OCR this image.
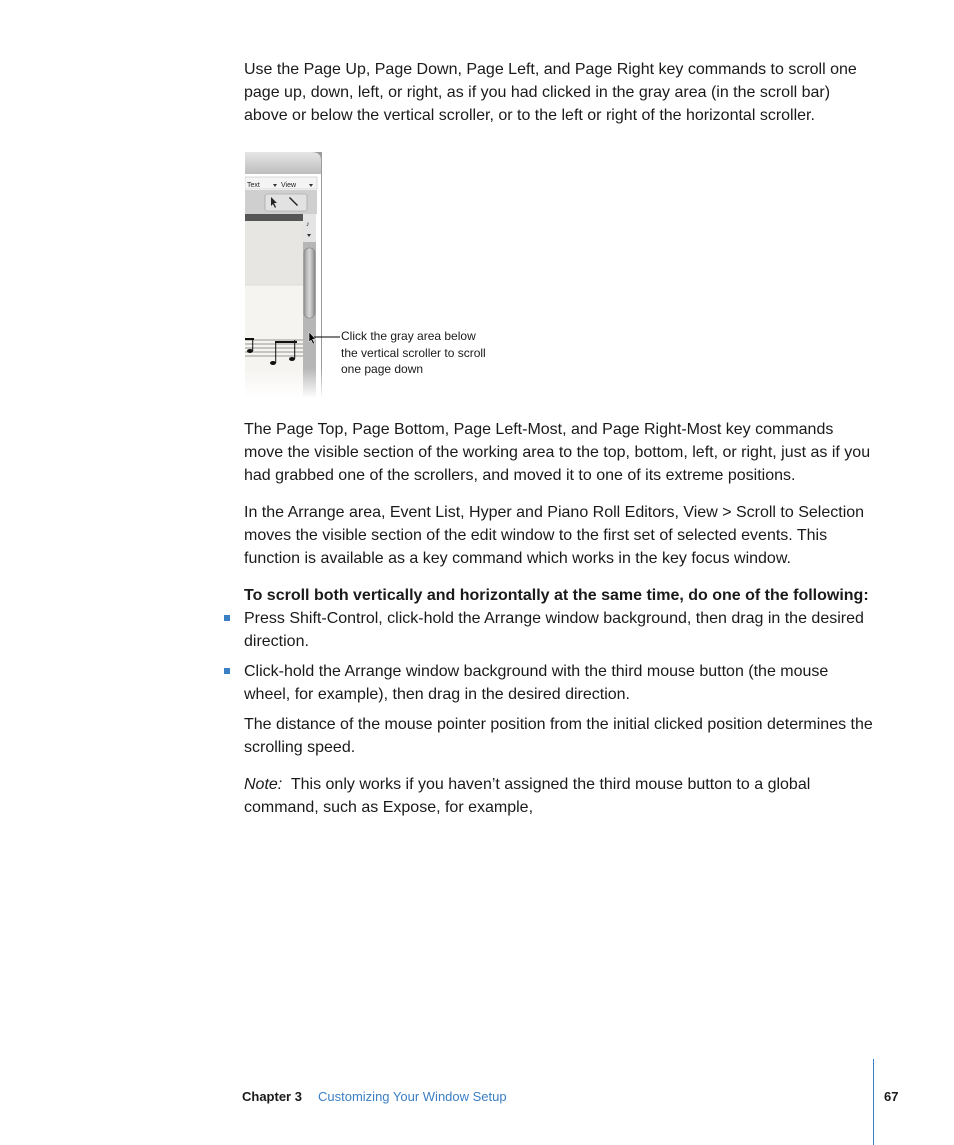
Use the Page Up, Page Down, Page Left, and Page Right key commands to scroll one page up, down, left, or right, as if you had clicked in the gray area (in the scroll bar) above or below the vertical scroller, or to the left or right of the horizontal scroller.

Text	View
♪
Click the gray area below the vertical scroller to scroll one page down

The Page Top, Page Bottom, Page Left-Most, and Page Right-Most key commands move the visible section of the working area to the top, bottom, left, or right, just as if you had grabbed one of the scrollers, and moved it to one of its extreme positions.

In the Arrange area, Event List, Hyper and Piano Roll Editors, View > Scroll to Selection moves the visible section of the edit window to the first set of selected events. This function is available as a key command which works in the key focus window.

To scroll both vertically and horizontally at the same time, do one of the following:

Press Shift-Control, click-hold the Arrange window background, then drag in the desired direction.

Click-hold the Arrange window background with the third mouse button (the mouse wheel, for example), then drag in the desired direction.

The distance of the mouse pointer position from the initial clicked position determines the scrolling speed.

Note: This only works if you haven’t assigned the third mouse button to a global command, such as Expose, for example,

Chapter 3 Customizing Your Window Setup	67
